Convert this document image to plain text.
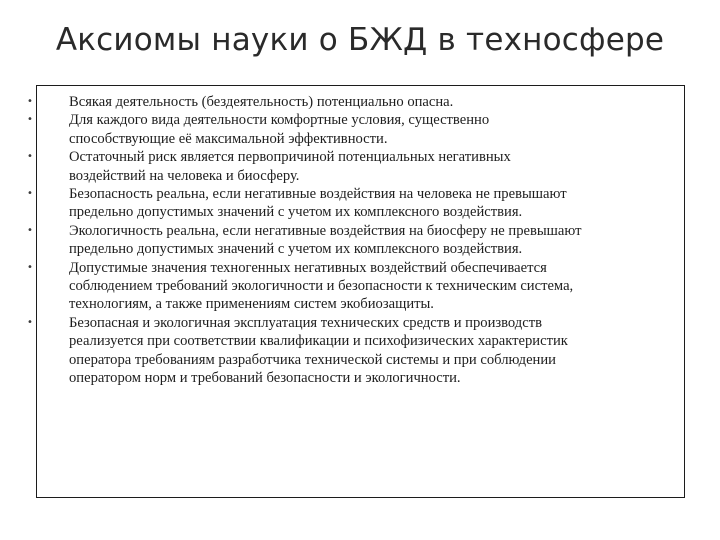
Аксиомы науки о БЖД в техносфере
• Всякая деятельность (бездеятельность) потенциально опасна.
• Для каждого вида деятельности комфортные условия, существенно
способствующие её максимальной эффективности.
• Остаточный риск является первопричиной потенциальных негативных
воздействий на человека и биосферу.
• Безопасность реальна, если негативные воздействия на человека не превышают
предельно допустимых значений с учетом их комплексного воздействия.
• Экологичность реальна, если негативные воздействия на биосферу не превышают
предельно допустимых значений с учетом их комплексного воздействия.
• Допустимые значения техногенных негативных воздействий обеспечивается
соблюдением требований экологичности и безопасности к техническим система,
технологиям, а также применениям систем экобиозащиты.
• Безопасная и экологичная эксплуатация технических средств и производств
реализуется при соответствии квалификации и психофизических характеристик
оператора требованиям разработчика технической системы и при соблюдении
оператором норм и требований безопасности и экологичности.
